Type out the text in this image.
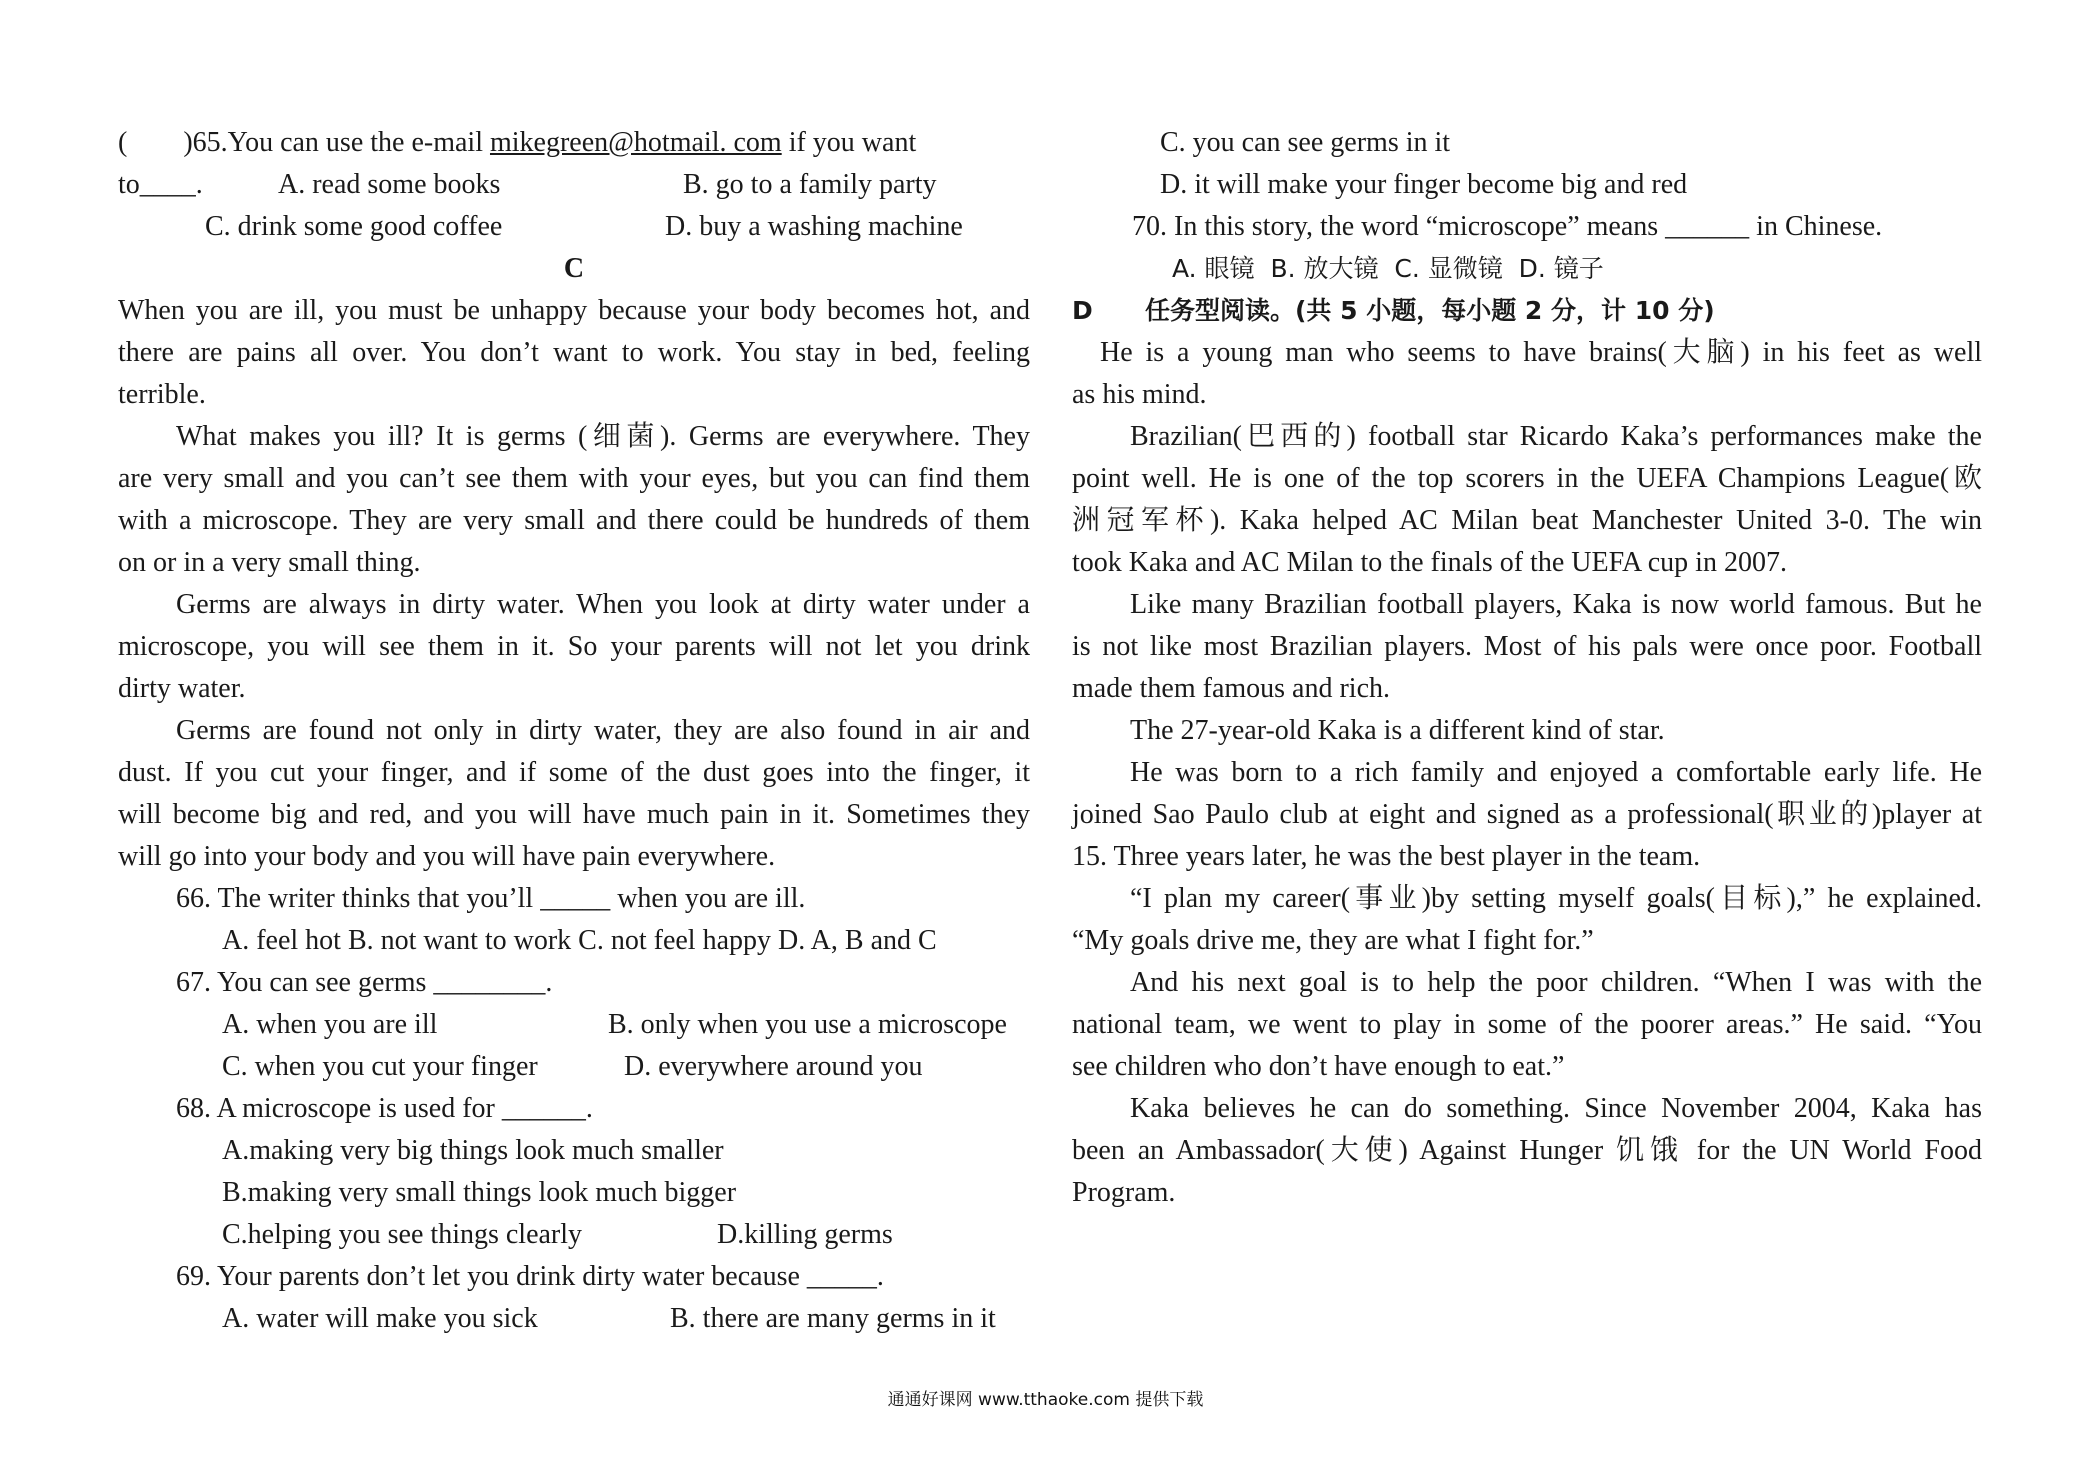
(        )65.You can use the e-mail mikegreen@hotmail. com if you want
to____.	A. read some books	B. go to a family party
C. drink some good coffee	D. buy a washing machine
C
When you are ill, you must be unhappy because your body becomes hot, and
there are pains all over. You don’t want to work. You stay in bed, feeling
terrible.
What makes you ill? It is germs (细菌). Germs are everywhere. They
are very small and you can’t see them with your eyes, but you can find them
with a microscope. They are very small and there could be hundreds of them
on or in a very small thing.
Germs are always in dirty water. When you look at dirty water under a
microscope, you will see them in it. So your parents will not let you drink
dirty water.
Germs are found not only in dirty water, they are also found in air and
dust. If you cut your finger, and if some of the dust goes into the finger, it
will become big and red, and you will have much pain in it. Sometimes they
will go into your body and you will have pain everywhere.
66. The writer thinks that you’ll _____ when you are ill.
A. feel hot B. not want to work C. not feel happy D. A, B and C
67. You can see germs ________.
A. when you are ill	B. only when you use a microscope
C. when you cut your finger	D. everywhere around you
68. A microscope is used for ______.
A.making very big things look much smaller
B.making very small things look much bigger
C.helping you see things clearly	D.killing germs
69. Your parents don’t let you drink dirty water because _____.
A. water will make you sick	B. there are many germs in it
C. you can see germs in it
D. it will make your finger become big and red
70. In this story, the word “microscope” means ______ in Chinese.
A. 眼镜  B. 放大镜  C. 显微镜  D. 镜子
D      任务型阅读。(共 5 小题，每小题 2 分，计 10 分)
He is a young man who seems to have brains(大脑) in his feet as well
as his mind.
Brazilian(巴西的) football star Ricardo Kaka’s performances make the
point well. He is one of the top scorers in the UEFA Champions League(欧
洲冠军杯). Kaka helped AC Milan beat Manchester United 3-0. The win
took Kaka and AC Milan to the finals of the UEFA cup in 2007.
Like many Brazilian football players, Kaka is now world famous. But he
is not like most Brazilian players. Most of his pals were once poor. Football
made them famous and rich.
The 27-year-old Kaka is a different kind of star.
He was born to a rich family and enjoyed a comfortable early life. He
joined Sao Paulo club at eight and signed as a professional(职业的)player at
15. Three years later, he was the best player in the team.
“I plan my career(事业)by setting myself goals(目标),” he explained.
“My goals drive me, they are what I fight for.”
And his next goal is to help the poor children. “When I was with the
national team, we went to play in some of the poorer areas.” He said. “You
see children who don’t have enough to eat.”
Kaka believes he can do something. Since November 2004, Kaka has
been an Ambassador(大使) Against Hunger 饥饿 for the UN World Food
Program.
通通好课网 www.tthaoke.com 提供下载
